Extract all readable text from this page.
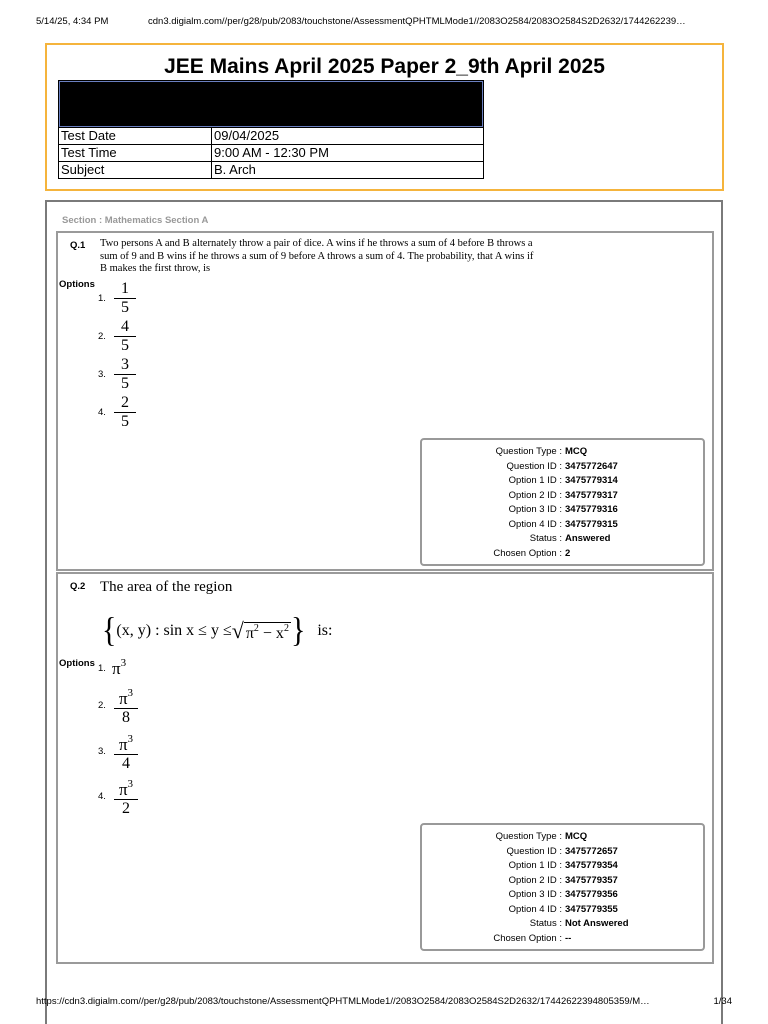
5/14/25, 4:34 PM	cdn3.digialm.com//per/g28/pub/2083/touchstone/AssessmentQPHTMLMode1//2083O2584/2083O2584S2D2632/1744262239…
JEE Mains April 2025 Paper 2_9th April 2025
Test Date	09/04/2025
Test Time	9:00 AM - 12:30 PM
Subject	B. Arch
Section : Mathematics Section A
Q.1 Two persons A and B alternately throw a pair of dice. A wins if he throws a sum of 4 before B throws a sum of 9 and B wins if he throws a sum of 9 before A throws a sum of 4. The probability, that A wins if B makes the first throw, is
Options
1. $\frac{1}{5}$
2. $\frac{4}{5}$
3. $\frac{3}{5}$
4. $\frac{2}{5}$
Question Type : MCQ
Question ID : 3475772647
Option 1 ID : 3475779314
Option 2 ID : 3475779317
Option 3 ID : 3475779316
Option 4 ID : 3475779315
Status : Answered
Chosen Option : 2
Q.2 The area of the region
{ (x, y) : sin x ≤ y ≤ √ $\pi^2 - x^2$ } is:
Options 1. $\pi^3$
2. $\frac{\pi^3}{8}$
3. $\frac{\pi^3}{4}$
4. $\frac{\pi^3}{2}$
Question Type : MCQ
Question ID : 3475772657
Option 1 ID : 3475779354
Option 2 ID : 3475779357
Option 3 ID : 3475779356
Option 4 ID : 3475779355
Status : Not Answered
Chosen Option : --
https://cdn3.digialm.com//per/g28/pub/2083/touchstone/AssessmentQPHTMLMode1//2083O2584/2083O2584S2D2632/17442622394805359/M…	1/34
